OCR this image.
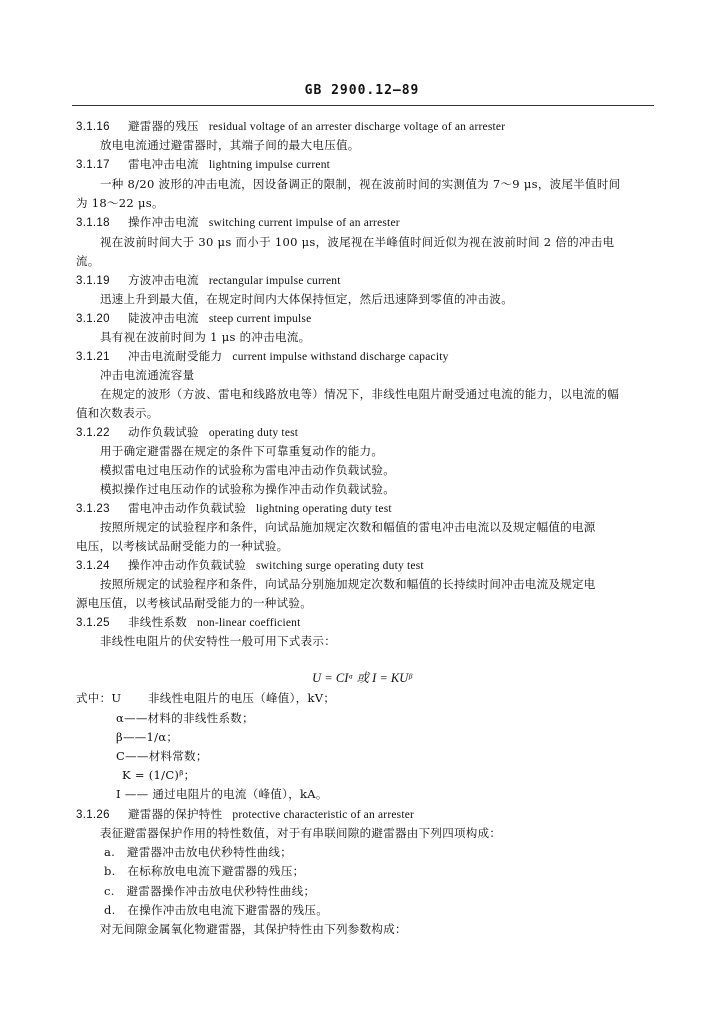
GB 2900.12—89
3.1.16 避雷器的残压 residual voltage of an arrester discharge voltage of an arrester
放电电流通过避雷器时，其端子间的最大电压值。
3.1.17 雷电冲击电流 lightning impulse current
一种 8/20 波形的冲击电流，因设备调正的限制，视在波前时间的实测值为 7～9 μs，波尾半值时间
为 18～22 μs。
3.1.18 操作冲击电流 switching current impulse of an arrester
视在波前时间大于 30 μs 而小于 100 μs，波尾视在半峰值时间近似为视在波前时间 2 倍的冲击电
流。
3.1.19 方波冲击电流 rectangular impulse current
迅速上升到最大值，在规定时间内大体保持恒定，然后迅速降到零值的冲击波。
3.1.20 陡波冲击电流 steep current impulse
具有视在波前时间为 1 μs 的冲击电流。
3.1.21 冲击电流耐受能力 current impulse withstand discharge capacity
冲击电流通流容量
在规定的波形（方波、雷电和线路放电等）情况下，非线性电阻片耐受通过电流的能力，以电流的幅
值和次数表示。
3.1.22 动作负载试验 operating duty test
用于确定避雷器在规定的条件下可靠重复动作的能力。
模拟雷电过电压动作的试验称为雷电冲击动作负载试验。
模拟操作过电压动作的试验称为操作冲击动作负载试验。
3.1.23 雷电冲击动作负载试验 lightning operating duty test
按照所规定的试验程序和条件，向试品施加规定次数和幅值的雷电冲击电流以及规定幅值的电源
电压，以考核试品耐受能力的一种试验。
3.1.24 操作冲击动作负载试验 switching surge operating duty test
按照所规定的试验程序和条件，向试品分别施加规定次数和幅值的长持续时间冲击电流及规定电
源电压值，以考核试品耐受能力的一种试验。
3.1.25 非线性系数 non-linear coefficient
非线性电阻片的伏安特性一般可用下式表示：
U = CIᵅ 或 I = KUᵝ
式中：U 非线性电阻片的电压（峰值），kV；
α——材料的非线性系数；
β——1/α；
C——材料常数；
K = (1/C)ᵝ；
I —— 通过电阻片的电流（峰值），kA。
3.1.26 避雷器的保护特性 protective characteristic of an arrester
表征避雷器保护作用的特性数值，对于有串联间隙的避雷器由下列四项构成：
a.　避雷器冲击放电伏秒特性曲线；
b.　在标称放电电流下避雷器的残压；
c.　避雷器操作冲击放电伏秒特性曲线；
d.　在操作冲击放电电流下避雷器的残压。
对无间隙金属氧化物避雷器，其保护特性由下列参数构成：
